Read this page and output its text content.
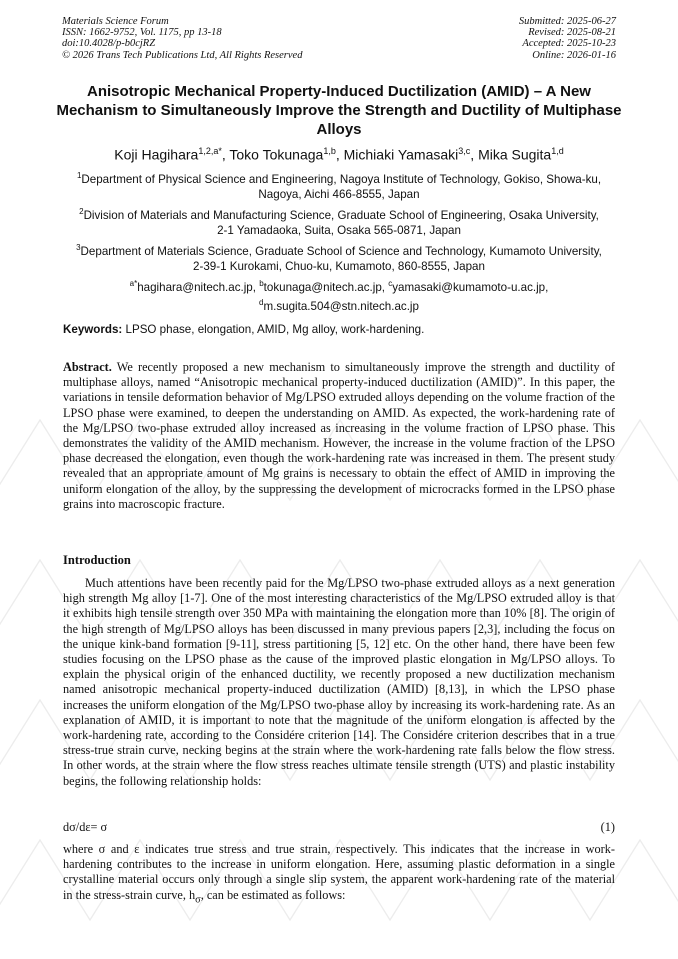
Materials Science Forum
ISSN: 1662-9752, Vol. 1175, pp 13-18
doi:10.4028/p-b0cjRZ
© 2026 Trans Tech Publications Ltd, All Rights Reserved
Submitted: 2025-06-27
Revised: 2025-08-21
Accepted: 2025-10-23
Online: 2026-01-16
Anisotropic Mechanical Property-Induced Ductilization (AMID) – A New Mechanism to Simultaneously Improve the Strength and Ductility of Multiphase Alloys
Koji Hagihara$^{1,2,a*}$, Toko Tokunaga$^{1,b}$, Michiaki Yamasaki$^{3,c}$, Mika Sugita$^{1,d}$
$^1$Department of Physical Science and Engineering, Nagoya Institute of Technology, Gokiso, Showa-ku, Nagoya, Aichi 466-8555, Japan
$^2$Division of Materials and Manufacturing Science, Graduate School of Engineering, Osaka University, 2-1 Yamadaoka, Suita, Osaka 565-0871, Japan
$^3$Department of Materials Science, Graduate School of Science and Technology, Kumamoto University, 2-39-1 Kurokami, Chuo-ku, Kumamoto, 860-8555, Japan
$^{a*}$hagihara@nitech.ac.jp, $^b$tokunaga@nitech.ac.jp, $^c$yamasaki@kumamoto-u.ac.jp, $^d$m.sugita.504@stn.nitech.ac.jp
Keywords: LPSO phase, elongation, AMID, Mg alloy, work-hardening.
Abstract. We recently proposed a new mechanism to simultaneously improve the strength and ductility of multiphase alloys, named “Anisotropic mechanical property-induced ductilization (AMID)”. In this paper, the variations in tensile deformation behavior of Mg/LPSO extruded alloys depending on the volume fraction of the LPSO phase were examined, to deepen the understanding on AMID. As expected, the work-hardening rate of the Mg/LPSO two-phase extruded alloy increased as increasing in the volume fraction of LPSO phase. This demonstrates the validity of the AMID mechanism. However, the increase in the volume fraction of the LPSO phase decreased the elongation, even though the work-hardening rate was increased in them. The present study revealed that an appropriate amount of Mg grains is necessary to obtain the effect of AMID in improving the uniform elongation of the alloy, by the suppressing the development of microcracks formed in the LPSO phase grains into macroscopic fracture.
Introduction
Much attentions have been recently paid for the Mg/LPSO two-phase extruded alloys as a next generation high strength Mg alloy [1-7]. One of the most interesting characteristics of the Mg/LPSO extruded alloy is that it exhibits high tensile strength over 350 MPa with maintaining the elongation more than 10% [8]. The origin of the high strength of Mg/LPSO alloys has been discussed in many previous papers [2,3], including the focus on the unique kink-band formation [9-11], stress partitioning [5, 12] etc. On the other hand, there have been few studies focusing on the LPSO phase as the cause of the improved plastic elongation in Mg/LPSO alloys. To explain the physical origin of the enhanced ductility, we recently proposed a new ductilization mechanism named anisotropic mechanical property-induced ductilization (AMID) [8,13], in which the LPSO phase increases the uniform elongation of the Mg/LPSO two-phase alloy by increasing its work-hardening rate. As an explanation of AMID, it is important to note that the magnitude of the uniform elongation is affected by the work-hardening rate, according to the Considére criterion [14]. The Considére criterion describes that in a true stress-true strain curve, necking begins at the strain where the work-hardening rate falls below the flow stress. In other words, at the strain where the flow stress reaches ultimate tensile strength (UTS) and plastic instability begins, the following relationship holds:
dσ/dε= σ	(1)
where σ and ε indicates true stress and true strain, respectively. This indicates that the increase in work-hardening contributes to the increase in uniform elongation. Here, assuming plastic deformation in a single crystalline material occurs only through a single slip system, the apparent work-hardening rate of the material in the stress-strain curve, $h_\sigma$, can be estimated as follows:
